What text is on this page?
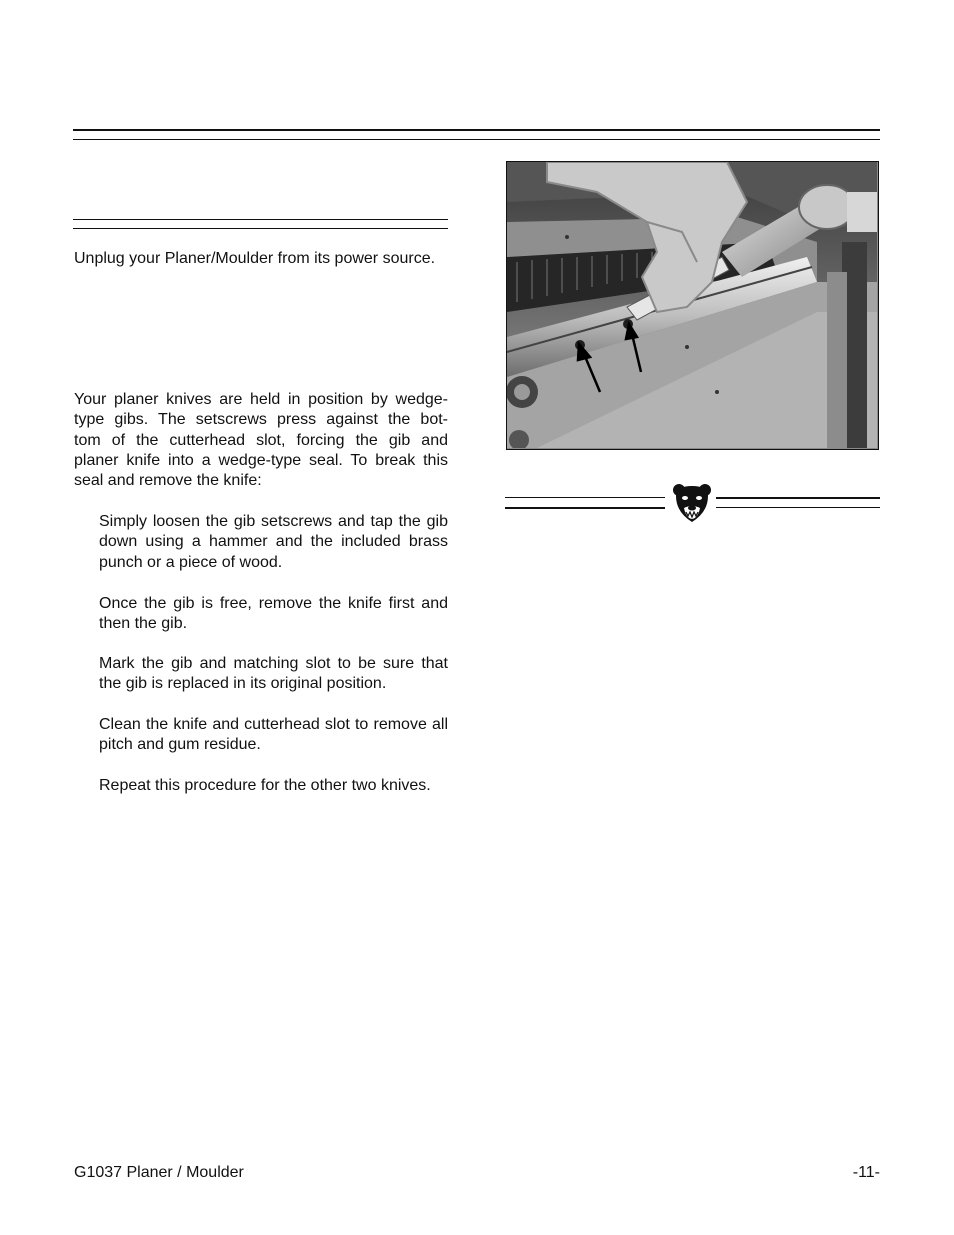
Unplug your Planer/Moulder from its power source.

Your planer knives are held in position by wedge-
type gibs. The setscrews press against the bot-
tom of the cutterhead slot, forcing the gib and
planer knife into a wedge-type seal. To break this
seal and remove the knife:

Simply loosen the gib setscrews and tap the gib down using a hammer and the included brass punch or a piece of wood.

Once the gib is free, remove the knife first and then the gib.

Mark the gib and matching slot to be sure that the gib is replaced in its original position.

Clean the knife and cutterhead slot to remove all pitch and gum residue.

Repeat this procedure for the other two knives.

G1037 Planer / Moulder	-11-
